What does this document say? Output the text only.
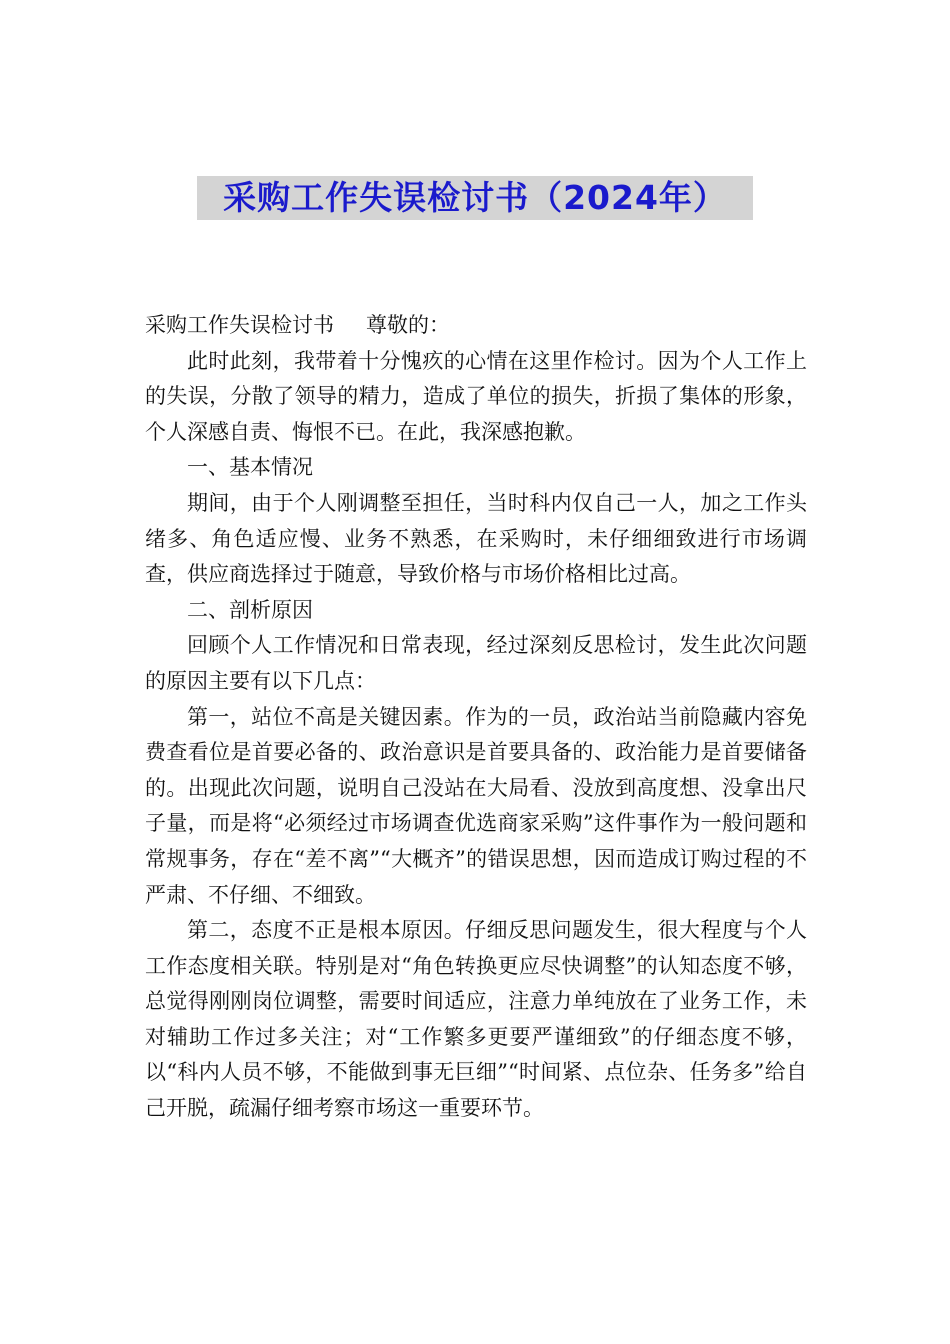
采购工作失误检讨书（2024年）

采购工作失误检讨书 尊敬的：

此时此刻，我带着十分愧疚的心情在这里作检讨。因为个人工作上的失误，分散了领导的精力，造成了单位的损失，折损了集体的形象，个人深感自责、悔恨不已。在此，我深感抱歉。

一、基本情况

期间，由于个人刚调整至担任，当时科内仅自己一人，加之工作头绪多、角色适应慢、业务不熟悉，在采购时，未仔细细致进行市场调查，供应商选择过于随意，导致价格与市场价格相比过高。

二、剖析原因

回顾个人工作情况和日常表现，经过深刻反思检讨，发生此次问题的原因主要有以下几点：

第一，站位不高是关键因素。作为的一员，政治站当前隐藏内容免费查看位是首要必备的、政治意识是首要具备的、政治能力是首要储备的。出现此次问题，说明自己没站在大局看、没放到高度想、没拿出尺子量，而是将“必须经过市场调查优选商家采购”这件事作为一般问题和常规事务，存在“差不离”“大概齐”的错误思想，因而造成订购过程的不严肃、不仔细、不细致。

第二，态度不正是根本原因。仔细反思问题发生，很大程度与个人工作态度相关联。特别是对“角色转换更应尽快调整”的认知态度不够，总觉得刚刚岗位调整，需要时间适应，注意力单纯放在了业务工作，未对辅助工作过多关注；对“工作繁多更要严谨细致”的仔细态度不够，以“科内人员不够，不能做到事无巨细”“时间紧、点位杂、任务多”给自己开脱，疏漏仔细考察市场这一重要环节。
